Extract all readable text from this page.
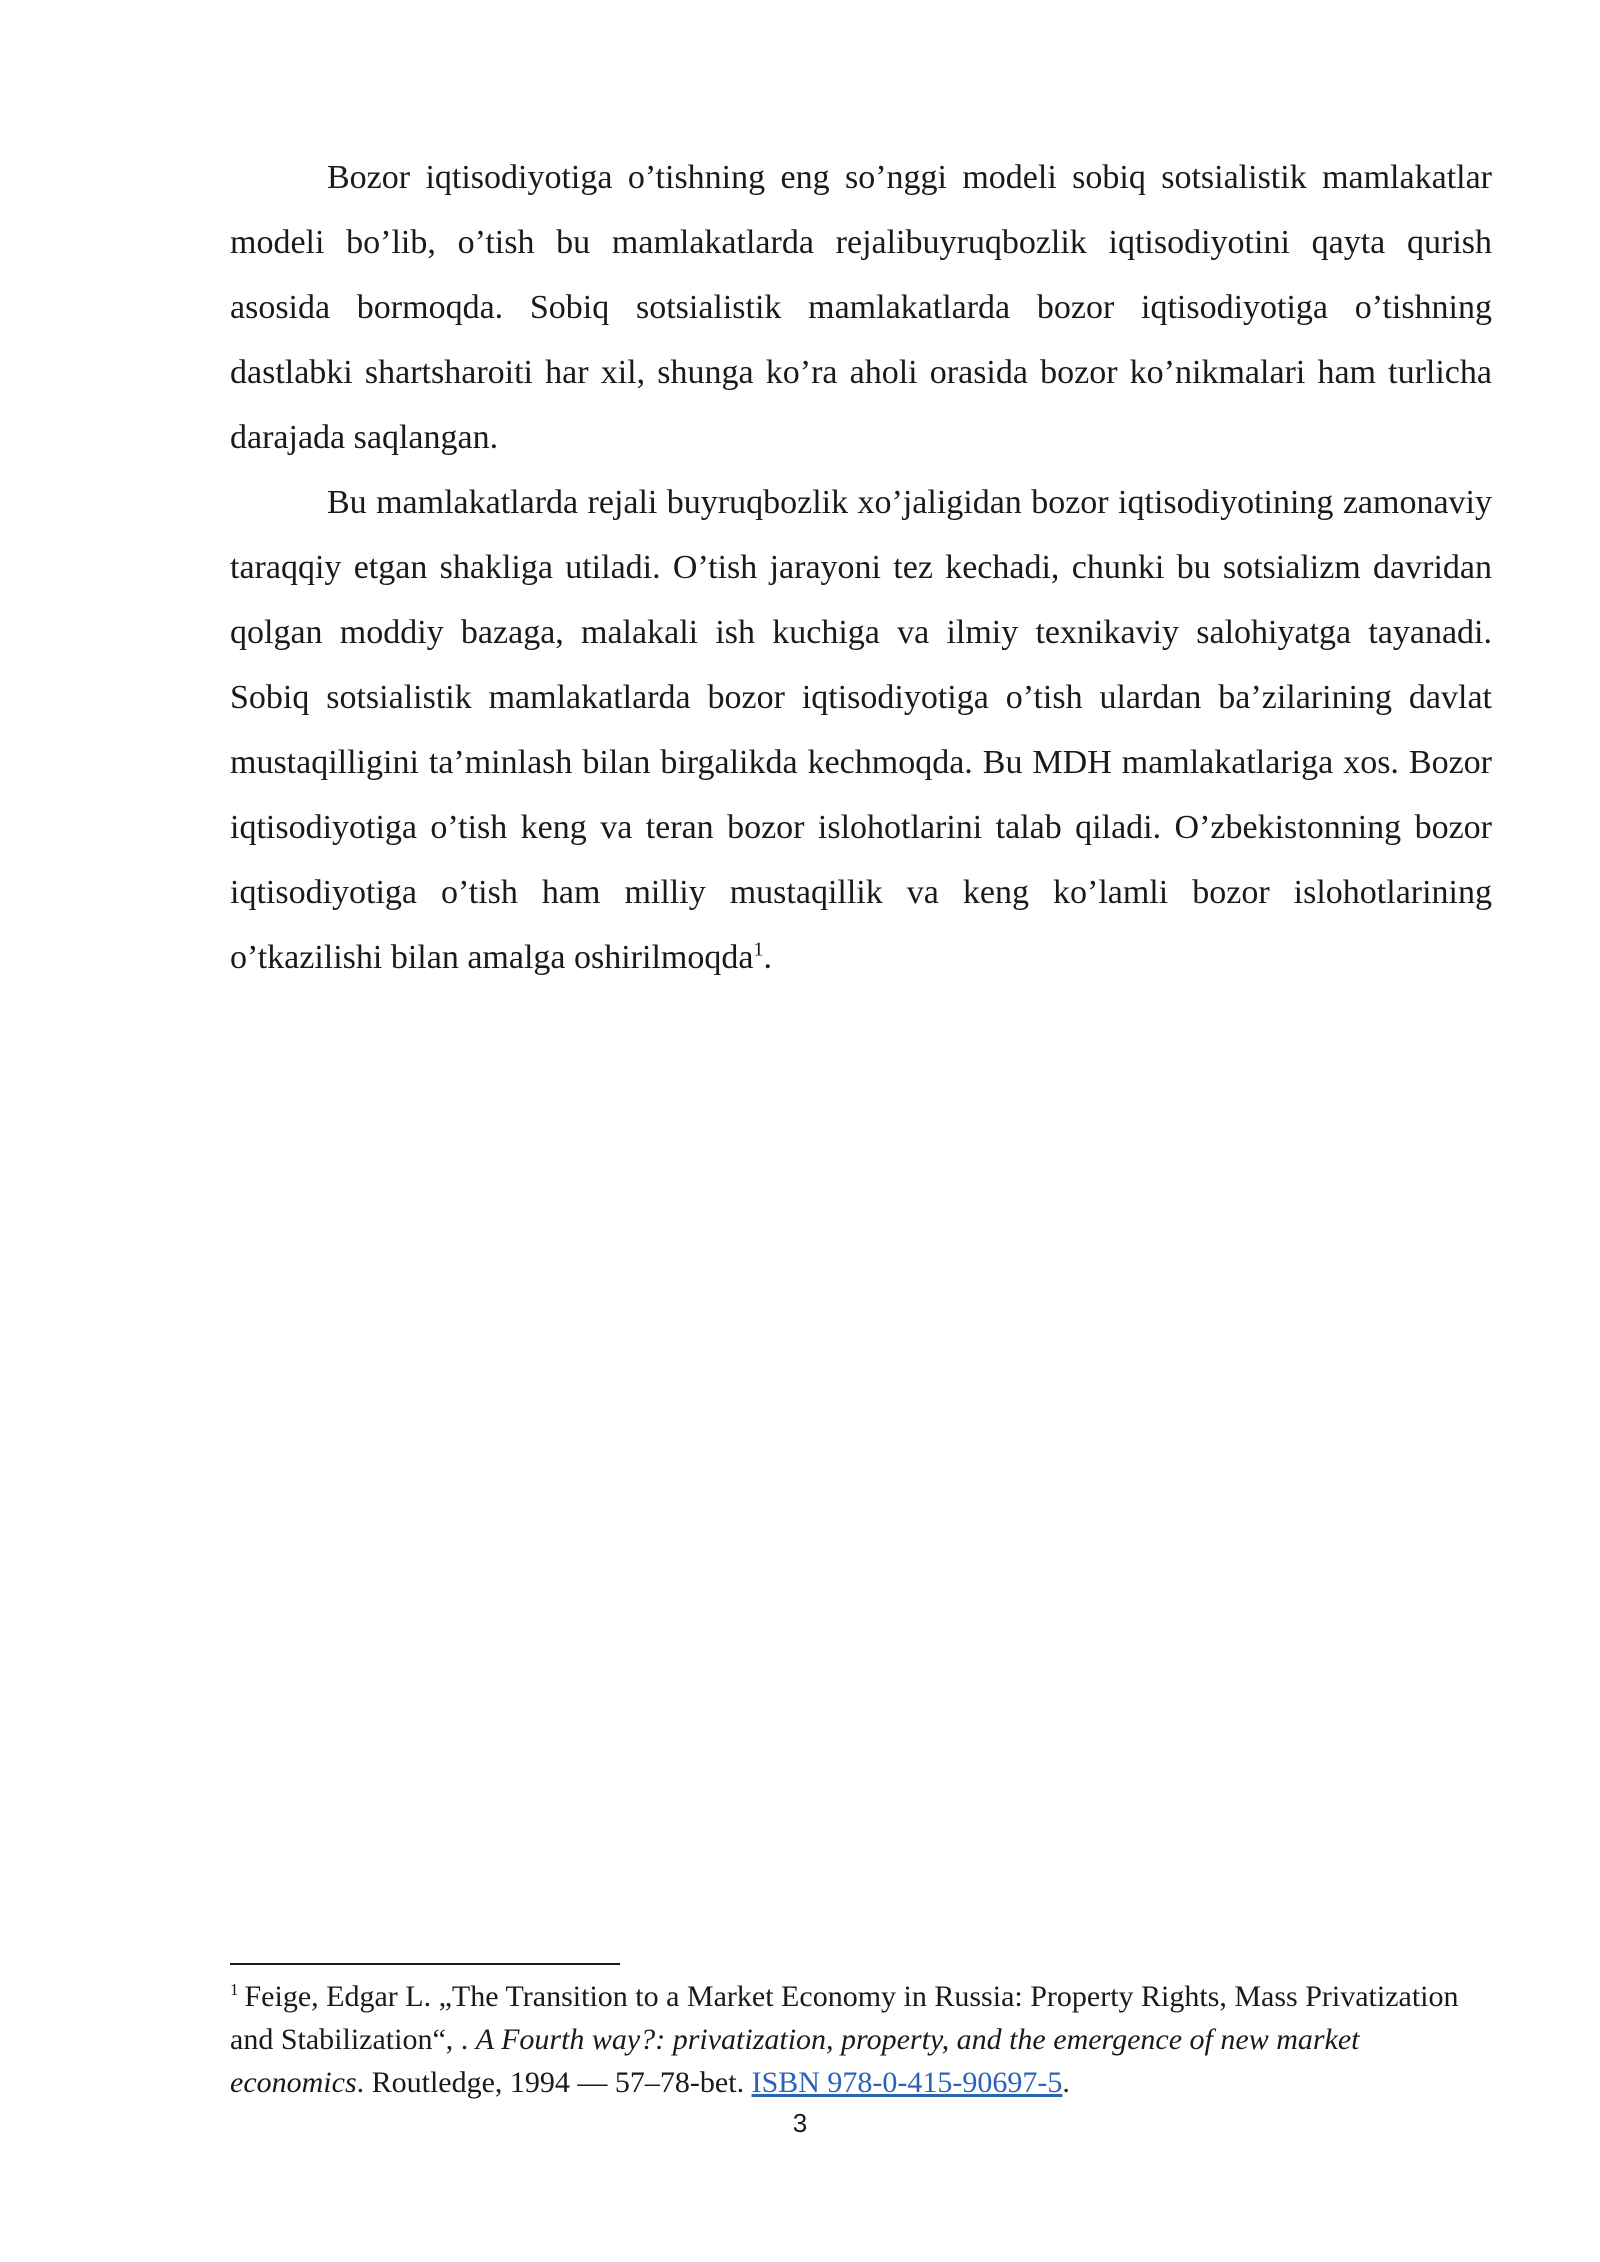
Bozor iqtisodiyotiga o’tishning eng so’nggi modeli sobiq sotsialistik mamlakatlar modeli bo’lib, o’tish bu mamlakatlarda rejalibuyruqbozlik iqtisodiyotini qayta qurish asosida bormoqda. Sobiq sotsialistik mamlakatlarda bozor iqtisodiyotiga o’tishning dastlabki shartsharoiti har xil, shunga ko’ra aholi orasida bozor ko’nikmalari ham turlicha darajada saqlangan.

Bu mamlakatlarda rejali buyruqbozlik xo’jaligidan bozor iqtisodiyotining zamonaviy taraqqiy etgan shakliga utiladi. O’tish jarayoni tez kechadi, chunki bu sotsializm davridan qolgan moddiy bazaga, malakali ish kuchiga va ilmiy texnikaviy salohiyatga tayanadi. Sobiq sotsialistik mamlakatlarda bozor iqtisodiyotiga o’tish ulardan ba’zilarining davlat mustaqilligini ta’minlash bilan birgalikda kechmoqda. Bu MDH mamlakatlariga xos. Bozor iqtisodiyotiga o’tish keng va teran bozor islohotlarini talab qiladi. O’zbekistonning bozor iqtisodiyotiga o’tish ham milliy mustaqillik va keng ko’lamli bozor islohotlarining o’tkazilishi bilan amalga oshirilmoqda$^1$.

$^1$ Feige, Edgar L. „The Transition to a Market Economy in Russia: Property Rights, Mass Privatization and Stabilization“, . A Fourth way?: privatization, property, and the emergence of new market economics. Routledge, 1994 — 57–78-bet. ISBN 978-0-415-90697-5.
3
